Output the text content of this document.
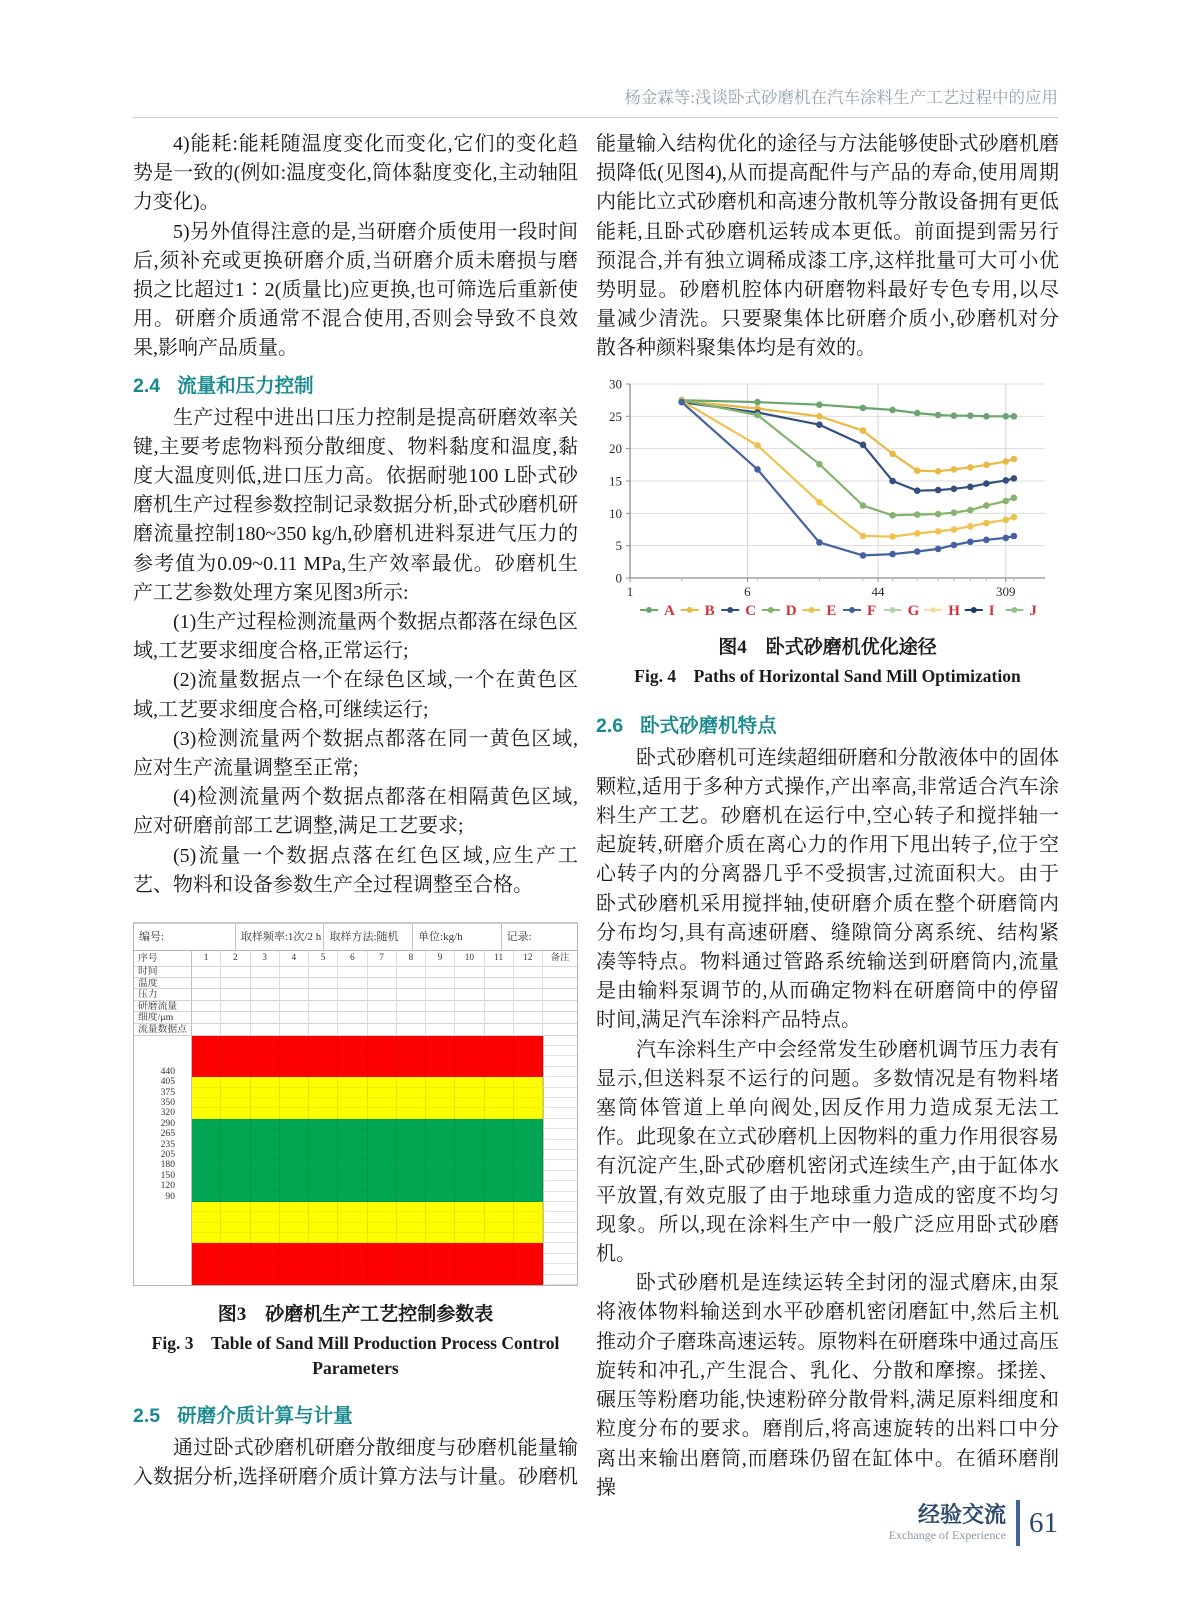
杨金霖等:浅谈卧式砂磨机在汽车涂料生产工艺过程中的应用

4)能耗:能耗随温度变化而变化,它们的变化趋势是一致的(例如:温度变化,筒体黏度变化,主动轴阻力变化)。

5)另外值得注意的是,当研磨介质使用一段时间后,须补充或更换研磨介质,当研磨介质未磨损与磨损之比超过1∶2(质量比)应更换,也可筛选后重新使用。研磨介质通常不混合使用,否则会导致不良效果,影响产品质量。

2.4 流量和压力控制

生产过程中进出口压力控制是提高研磨效率关键,主要考虑物料预分散细度、物料黏度和温度,黏度大温度则低,进口压力高。依据耐驰100 L卧式砂磨机生产过程参数控制记录数据分析,卧式砂磨机研磨流量控制180~350 kg/h,砂磨机进料泵进气压力的参考值为0.09~0.11 MPa,生产效率最优。砂磨机生产工艺参数处理方案见图3所示:

(1)生产过程检测流量两个数据点都落在绿色区域,工艺要求细度合格,正常运行;

(2)流量数据点一个在绿色区域,一个在黄色区域,工艺要求细度合格,可继续运行;

(3)检测流量两个数据点都落在同一黄色区域,应对生产流量调整至正常;

(4)检测流量两个数据点都落在相隔黄色区域,应对研磨前部工艺调整,满足工艺要求;

(5)流量一个数据点落在红色区域,应生产工艺、物料和设备参数生产全过程调整至合格。

编号:	取样频率:1次/2 h 取样方法:随机	单位:kg/h	记录:
序号	1	2	3	4	5	6	7	8	9	10	11	12	备注
时间
温度
压力
研磨流量
细度/μm
流量数据点
440
405
375
350
320
290
265
235
205
180
150
120
90
图3　砂磨机生产工艺控制参数表
Fig. 3　Table of Sand Mill Production Process Control Parameters
2.5 研磨介质计算与计量

通过卧式砂磨机研磨分散细度与砂磨机能量输入数据分析,选择研磨介质计算方法与计量。砂磨机

能量输入结构优化的途径与方法能够使卧式砂磨机磨损降低(见图4),从而提高配件与产品的寿命,使用周期内能比立式砂磨机和高速分散机等分散设备拥有更低能耗,且卧式砂磨机运转成本更低。前面提到需另行预混合,并有独立调稀成漆工序,这样批量可大可小优势明显。砂磨机腔体内研磨物料最好专色专用,以尽量减少清洗。只要聚集体比研磨介质小,砂磨机对分散各种颜料聚集体均是有效的。

0
5
10
15
20
25
30
1	6	44	309
A B C D E F G H I J
图4　卧式砂磨机优化途径
Fig. 4　Paths of Horizontal Sand Mill Optimization
2.6 卧式砂磨机特点

卧式砂磨机可连续超细研磨和分散液体中的固体颗粒,适用于多种方式操作,产出率高,非常适合汽车涂料生产工艺。砂磨机在运行中,空心转子和搅拌轴一起旋转,研磨介质在离心力的作用下甩出转子,位于空心转子内的分离器几乎不受损害,过流面积大。由于卧式砂磨机采用搅拌轴,使研磨介质在整个研磨筒内分布均匀,具有高速研磨、缝隙筒分离系统、结构紧凑等特点。物料通过管路系统输送到研磨筒内,流量是由输料泵调节的,从而确定物料在研磨筒中的停留时间,满足汽车涂料产品特点。

汽车涂料生产中会经常发生砂磨机调节压力表有显示,但送料泵不运行的问题。多数情况是有物料堵塞筒体管道上单向阀处,因反作用力造成泵无法工作。此现象在立式砂磨机上因物料的重力作用很容易有沉淀产生,卧式砂磨机密闭式连续生产,由于缸体水平放置,有效克服了由于地球重力造成的密度不均匀现象。所以,现在涂料生产中一般广泛应用卧式砂磨机。

卧式砂磨机是连续运转全封闭的湿式磨床,由泵将液体物料输送到水平砂磨机密闭磨缸中,然后主机推动介子磨珠高速运转。原物料在研磨珠中通过高压旋转和冲孔,产生混合、乳化、分散和摩擦。揉搓、碾压等粉磨功能,快速粉碎分散骨料,满足原料细度和粒度分布的要求。磨削后,将高速旋转的出料口中分离出来输出磨筒,而磨珠仍留在缸体中。在循环磨削操

经验交流
Exchange of Experience 61
